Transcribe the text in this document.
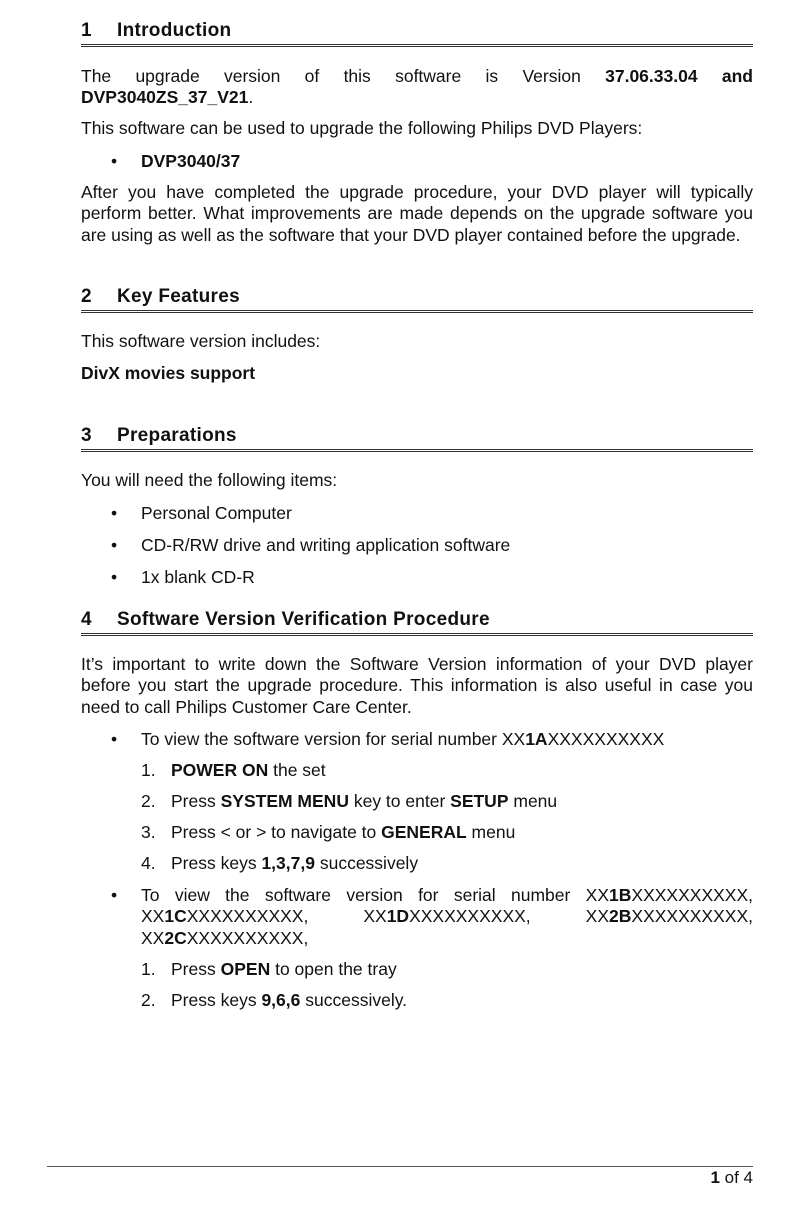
1 Introduction
The upgrade version of this software is Version 37.06.33.04 and
DVP3040ZS_37_V21.
This software can be used to upgrade the following Philips DVD Players:
• DVP3040/37
After you have completed the upgrade procedure, your DVD player will typically perform better. What improvements are made depends on the upgrade software you are using as well as the software that your DVD player contained before the upgrade.
2 Key Features
This software version includes:
DivX movies support
3 Preparations
You will need the following items:
• Personal Computer
• CD-R/RW drive and writing application software
• 1x blank CD-R
4 Software Version Verification Procedure
It’s important to write down the Software Version information of your DVD player before you start the upgrade procedure. This information is also useful in case you need to call Philips Customer Care Center.
• To view the software version for serial number XX1AXXXXXXXXXX
1. POWER ON the set
2. Press SYSTEM MENU key to enter SETUP menu
3. Press < or > to navigate to GENERAL menu
4. Press keys 1,3,7,9 successively
• To view the software version for serial number XX1BXXXXXXXXXX,
XX1CXXXXXXXXXX,	XX1DXXXXXXXXXX,	XX2BXXXXXXXXXX,
XX2CXXXXXXXXXX,
1. Press OPEN to open the tray
2. Press keys 9,6,6 successively.
1 of 4
